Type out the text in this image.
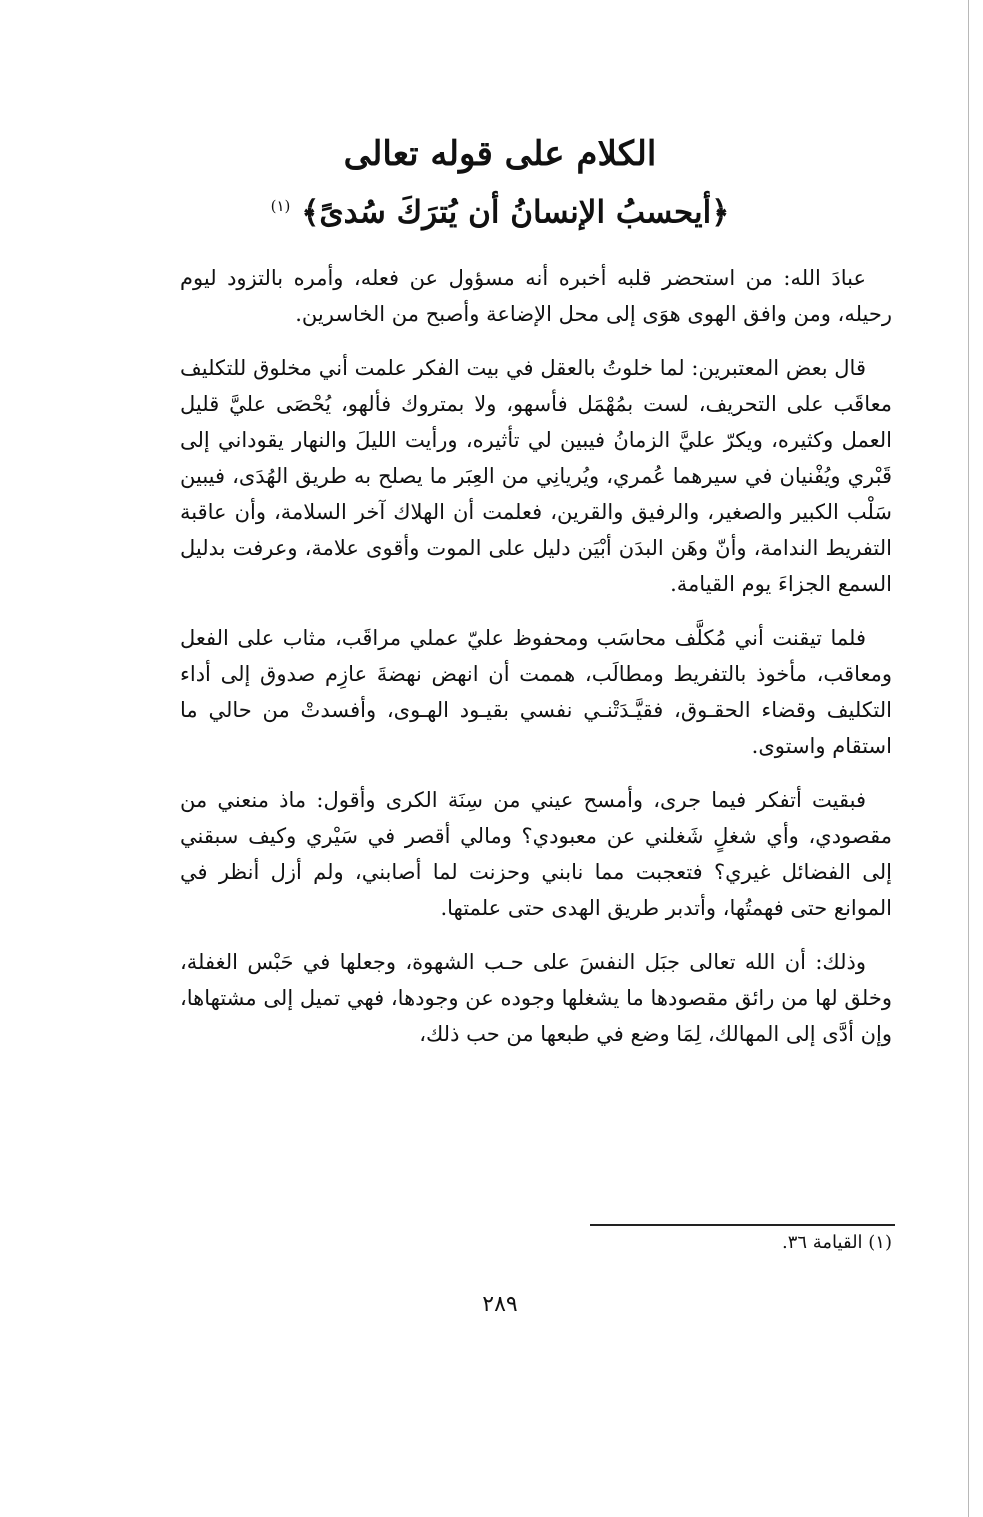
الكلام على قوله تعالى
﴿أيحسبُ الإنسانُ أن يُترَكَ سُدىً﴾ $^{(١)}$

عبادَ الله: من استحضر قلبه أخبره أنه مسؤول عن فعله، وأمره بالتزود ليوم رحيله، ومن وافق الهوى هوَى إلى محل الإضاعة وأصبح من الخاسرين.

قال بعض المعتبرين: لما خلوتُ بالعقل في بيت الفكر علمت أني مخلوق للتكليف معاقَب على التحريف، لست بمُهْمَل فأسهو، ولا بمتروك فألهو، يُحْصَى عليَّ قليل العمل وكثيره، ويكرّ عليَّ الزمانُ فيبين لي تأثيره، ورأيت الليلَ والنهار يقوداني إلى قَبْري ويُفْنيان في سيرهما عُمري، ويُريانِي من العِبَر ما يصلح به طريق الهُدَى، فيبين سَلْب الكبير والصغير، والرفيق والقرين، فعلمت أن الهلاك آخر السلامة، وأن عاقبة التفريط الندامة، وأنّ وهَن البدَن أبْيَن دليل على الموت وأقوى علامة، وعرفت بدليل السمع الجزاءَ يوم القيامة.

فلما تيقنت أني مُكلَّف محاسَب ومحفوظ عليّ عملي مراقَب، مثاب على الفعل ومعاقب، مأخوذ بالتفريط ومطالَب، هممت أن انهض نهضةَ عازِم صدوق إلى أداء التكليف وقضاء الحقـوق، فقيَّـدَتْنـي نفسي بقيـود الهـوى، وأفسدتْ من حالي ما استقام واستوى.

فبقيت أتفكر فيما جرى، وأمسح عيني من سِنَة الكرى وأقول: ماذ منعني من مقصودي، وأي شغلٍ شَغلني عن معبودي؟ ومالي أقصر في سَيْري وكيف سبقني إلى الفضائل غيري؟ فتعجبت مما نابني وحزنت لما أصابني، ولم أزل أنظر في الموانع حتى فهمتُها، وأتدبر طريق الهدى حتى علمتها.

وذلك: أن الله تعالى جبَل النفسَ على حـب الشهوة، وجعلها في حَبْس الغفلة، وخلق لها من رائق مقصودها ما يشغلها وجوده عن وجودها، فهي تميل إلى مشتهاها، وإن أدَّى إلى المهالك، لِمَا وضع في طبعها من حب ذلك،

(١) القيامة ٣٦.
٢٨٩
